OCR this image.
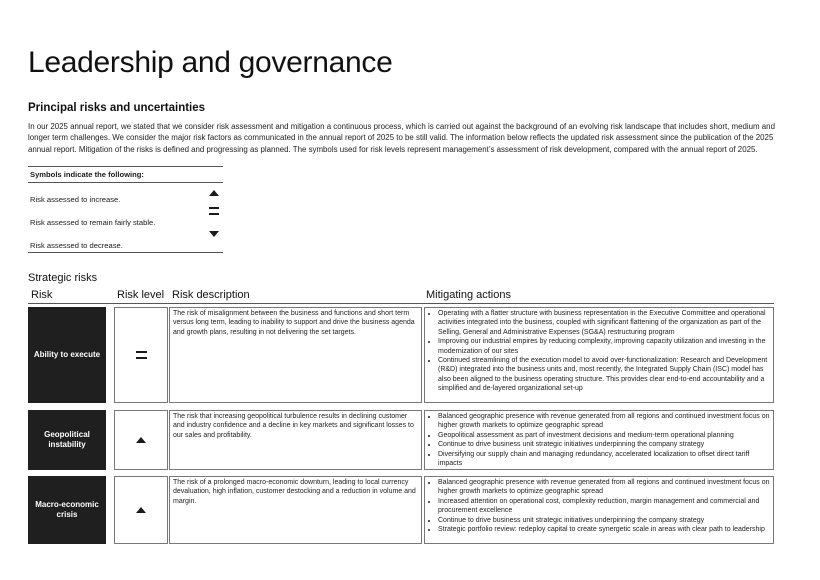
Leadership and governance
Principal risks and uncertainties
In our 2025 annual report, we stated that we consider risk assessment and mitigation a continuous process, which is carried out against the background of an evolving risk landscape that includes short, medium and longer term challenges. We consider the major risk factors as communicated in the annual report of 2025 to be still valid. The information below reflects the updated risk assessment since the publication of the 2025 annual report. Mitigation of the risks is defined and progressing as planned. The symbols used for risk levels represent management’s assessment of risk development, compared with the annual report of 2025.
Symbols indicate the following:
Risk assessed to increase.
Risk assessed to remain fairly stable.
Risk assessed to decrease.
Strategic risks
Risk	Risk level Risk description	Mitigating actions
Ability to execute
The risk of misalignment between the business and functions and short term versus long term, leading to inability to support and drive the business agenda and growth plans, resulting in not delivering the set targets.
• Operating with a flatter structure with business representation in the Executive Committee and operational activities integrated into the business, coupled with significant flattening of the organization as part of the Selling, General and Administrative Expenses (SG&A) restructuring program
• Improving our industrial empires by reducing complexity, improving capacity utilization and investing in the modernization of our sites
• Continued streamlining of the execution model to avoid over-functionalization: Research and Development (R&D) integrated into the business units and, most recently, the Integrated Supply Chain (ISC) model has also been aligned to the business operating structure. This provides clear end-to-end accountability and a simplified and de-layered organizational set-up
Geopolitical instability
The risk that increasing geopolitical turbulence results in declining customer and industry confidence and a decline in key markets and significant losses to our sales and profitability.
• Balanced geographic presence with revenue generated from all regions and continued investment focus on higher growth markets to optimize geographic spread
• Geopolitical assessment as part of investment decisions and medium-term operational planning
• Continue to drive business unit strategic initiatives underpinning the company strategy
• Diversifying our supply chain and managing redundancy, accelerated localization to offset direct tariff impacts
Macro-economic crisis
The risk of a prolonged macro-economic downturn, leading to local currency devaluation, high inflation, customer destocking and a reduction in volume and margin.
• Balanced geographic presence with revenue generated from all regions and continued investment focus on higher growth markets to optimize geographic spread
• Increased attention on operational cost, complexity reduction, margin management and commercial and procurement excellence
• Continue to drive business unit strategic initiatives underpinning the company strategy
• Strategic portfolio review: redeploy capital to create synergetic scale in areas with clear path to leadership
